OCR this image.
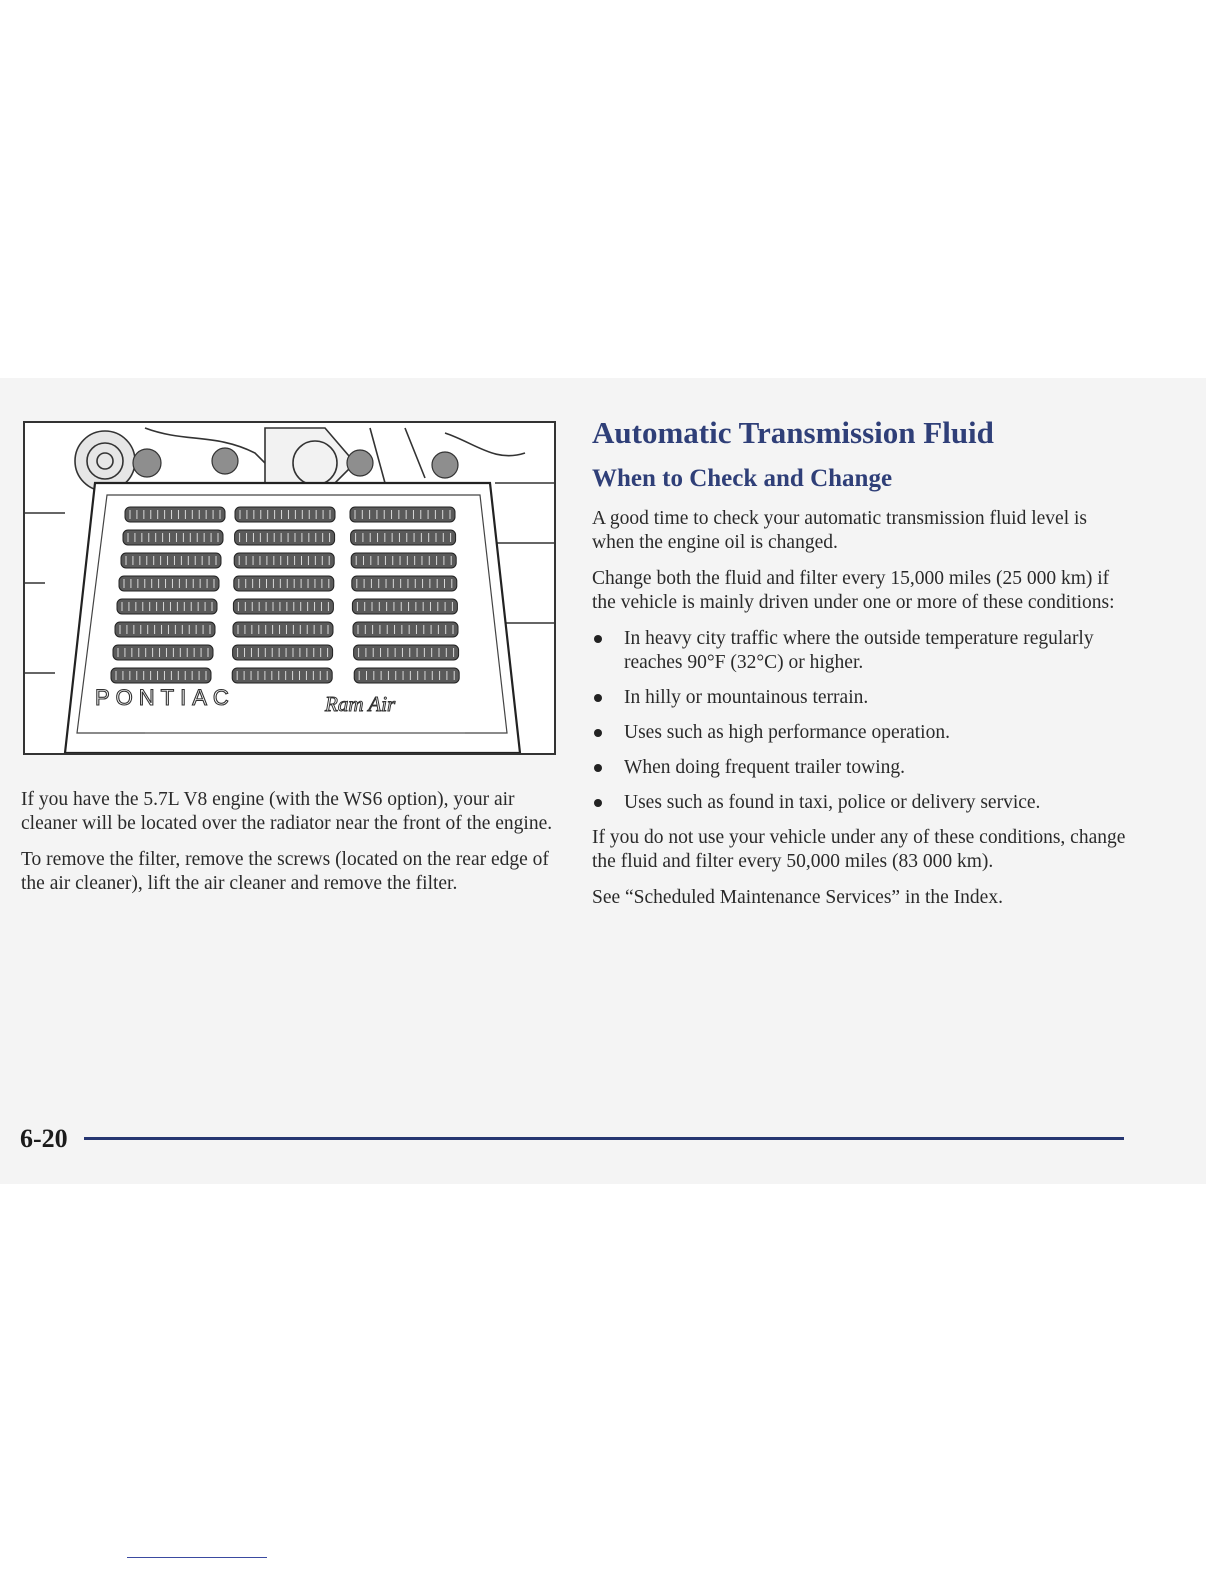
PONTIAC	Ram Air

If you have the 5.7L V8 engine (with the WS6 option), your air cleaner will be located over the radiator near the front of the engine.

To remove the filter, remove the screws (located on the rear edge of the air cleaner), lift the air cleaner and remove the filter.

Automatic Transmission Fluid
When to Check and Change

A good time to check your automatic transmission fluid level is when the engine oil is changed.

Change both the fluid and filter every 15,000 miles (25 000 km) if the vehicle is mainly driven under one or more of these conditions:

In heavy city traffic where the outside temperature regularly reaches 90°F (32°C) or higher.
In hilly or mountainous terrain.
Uses such as high performance operation.
When doing frequent trailer towing.
Uses such as found in taxi, police or delivery service.

If you do not use your vehicle under any of these conditions, change the fluid and filter every 50,000 miles (83 000 km).

See “Scheduled Maintenance Services” in the Index.

6-20
